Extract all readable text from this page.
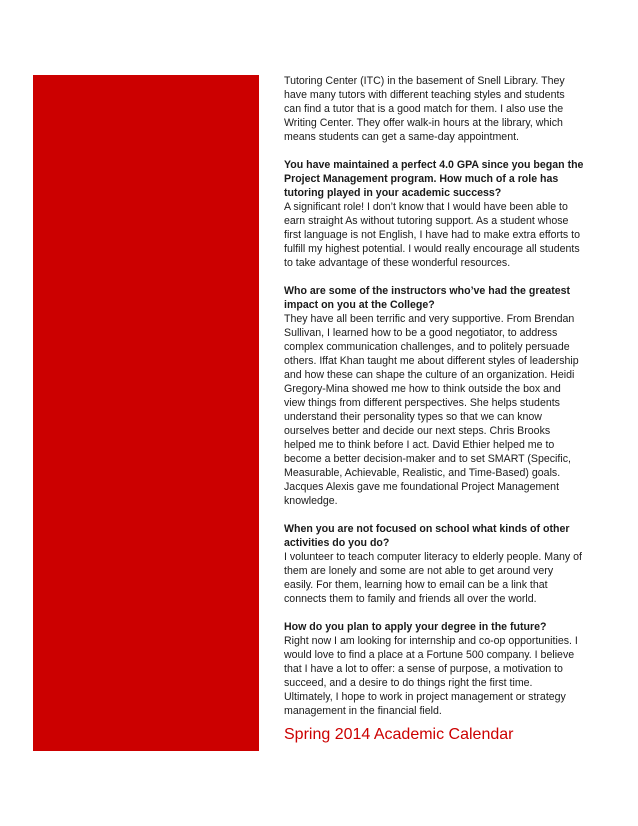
Tutoring Center (ITC) in the basement of Snell Library. They have many tutors with different teaching styles and students can find a tutor that is a good match for them. I also use the Writing Center. They offer walk-in hours at the library, which means students can get a same-day appointment.

You have maintained a perfect 4.0 GPA since you began the Project Management program. How much of a role has tutoring played in your academic success?

A significant role! I don’t know that I would have been able to earn straight As without tutoring support. As a student whose first language is not English, I have had to make extra efforts to fulfill my highest potential. I would really encourage all students to take advantage of these wonderful resources.

Who are some of the instructors who’ve had the greatest impact on you at the College?

They have all been terrific and very supportive. From Brendan Sullivan, I learned how to be a good negotiator, to address complex communication challenges, and to politely persuade others. Iffat Khan taught me about different styles of leadership and how these can shape the culture of an organization. Heidi Gregory-Mina showed me how to think outside the box and view things from different perspectives. She helps students understand their personality types so that we can know ourselves better and decide our next steps. Chris Brooks helped me to think before I act. David Ethier helped me to become a better decision-maker and to set SMART (Specific, Measurable, Achievable, Realistic, and Time-Based) goals. Jacques Alexis gave me foundational Project Management knowledge.

When you are not focused on school what kinds of other activities do you do?

I volunteer to teach computer literacy to elderly people. Many of them are lonely and some are not able to get around very easily. For them, learning how to email can be a link that connects them to family and friends all over the world.

How do you plan to apply your degree in the future?

Right now I am looking for internship and co-op opportunities. I would love to find a place at a Fortune 500 company. I believe that I have a lot to offer: a sense of purpose, a motivation to succeed, and a desire to do things right the first time. Ultimately, I hope to work in project management or strategy management in the financial field.

Spring 2014 Academic Calendar
